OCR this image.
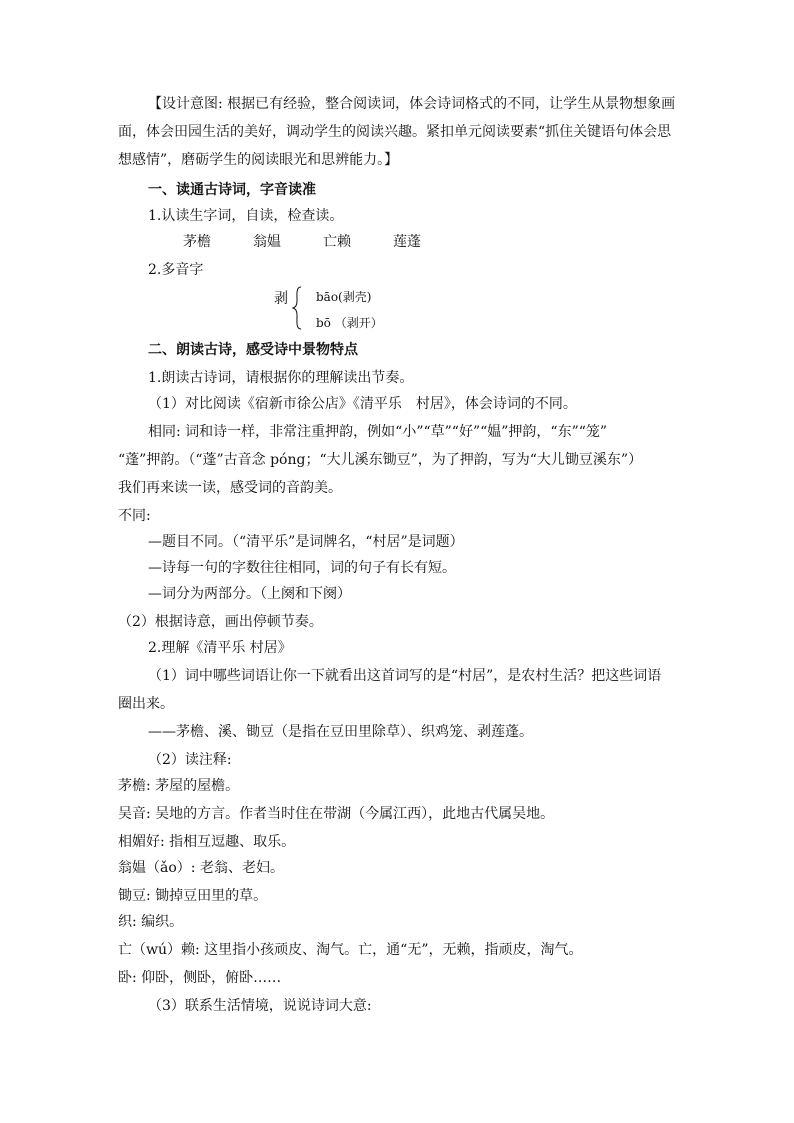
【设计意图: 根据已有经验，整合阅读词，体会诗词格式的不同，让学生从景物想象画
面，体会田园生活的美好，调动学生的阅读兴趣。紧扣单元阅读要素“抓住关键语句体会思
想感情”，磨砺学生的阅读眼光和思辨能力。】
一、读通古诗词，字音读准
1.认读生字词，自读，检查读。
茅檐	翁媪	亡赖	莲蓬
2.多音字
剥 bāo(剥壳)
bō （剥开）
二、朗读古诗，感受诗中景物特点
1.朗读古诗词，请根据你的理解读出节奏。
（1）对比阅读《宿新市徐公店》《清平乐　村居》，体会诗词的不同。
相同: 词和诗一样，非常注重押韵，例如“小”“草”“好”“媪”押韵，“东”“笼”
“蓬”押韵。（“蓬”古音念 póng；“大儿溪东锄豆”，为了押韵，写为“大儿锄豆溪东”）
我们再来读一读，感受词的音韵美。
不同:
—题目不同。（“清平乐”是词牌名，“村居”是词题）
—诗每一句的字数往往相同，词的句子有长有短。
—词分为两部分。（上阕和下阕）
（2）根据诗意，画出停顿节奏。
2.理解《清平乐 村居》
（1）词中哪些词语让你一下就看出这首词写的是“村居”，是农村生活？把这些词语
圈出来。
——茅檐、溪、锄豆（是指在豆田里除草）、织鸡笼、剥莲蓬。
（2）读注释:
茅檐: 茅屋的屋檐。
吴音: 吴地的方言。作者当时住在带湖（今属江西），此地古代属吴地。
相媚好: 指相互逗趣、取乐。
翁媪（ǎo）: 老翁、老妇。
锄豆: 锄掉豆田里的草。
织: 编织。
亡（wú）赖: 这里指小孩顽皮、淘气。亡，通“无”，无赖，指顽皮，淘气。
卧: 仰卧，侧卧，俯卧……
（3）联系生活情境，说说诗词大意:
